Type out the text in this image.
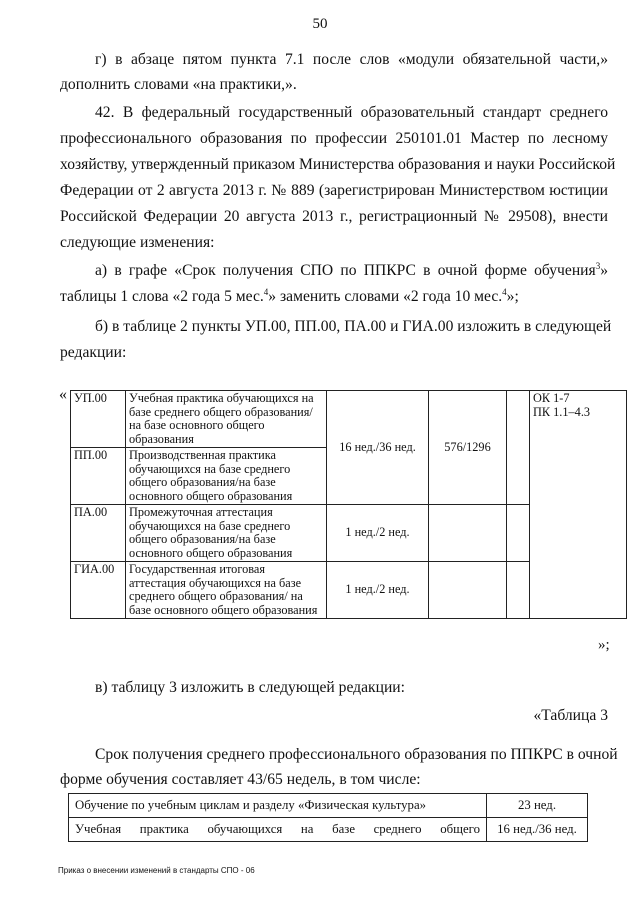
50
г) в абзаце пятом пункта 7.1 после слов «модули обязательной части,»
дополнить словами «на практики,».
42. В федеральный государственный образовательный стандарт среднего
профессионального образования по профессии 250101.01 Мастер по лесному
хозяйству, утвержденный приказом Министерства образования и науки Российской
Федерации от 2 августа 2013 г. № 889 (зарегистрирован Министерством юстиции
Российской Федерации 20 августа 2013 г., регистрационный № 29508), внести
следующие изменения:
а) в графе «Срок получения СПО по ППКРС в очной форме обучения$^3$»
таблицы 1 слова «2 года 5 мес.$^4$» заменить словами «2 года 10 мес.$^4$»;
б) в таблице 2 пункты УП.00, ПП.00, ПА.00 и ГИА.00 изложить в следующей
редакции:
« УП.00	Учебная практика обучающихся на базе среднего общего образования/на базе основного общего образования	16 нед./36 нед.	576/1296		ОК 1-7
ПК 1.1–4.3

ПП.00	Производственная практика обучающихся на базе среднего общего образования/на базе основного общего образования				
ПА.00	Промежуточная аттестация обучающихся на базе среднего общего образования/на базе основного общего образования	1 нед./2 нед.			
ГИА.00	Государственная итоговая аттестация обучающихся на базе среднего общего образования/ на базе основного общего образования	1 нед./2 нед.			
»;
в) таблицу 3 изложить в следующей редакции:
«Таблица 3
Срок получения среднего профессионального образования по ППКРС в очной
форме обучения составляет 43/65 недель, в том числе:
Обучение по учебным циклам и разделу «Физическая культура»	23 нед.
Учебная практика обучающихся на базе среднего общего	16 нед./36 нед.
Приказ о внесении изменений в стандарты СПО - 06
